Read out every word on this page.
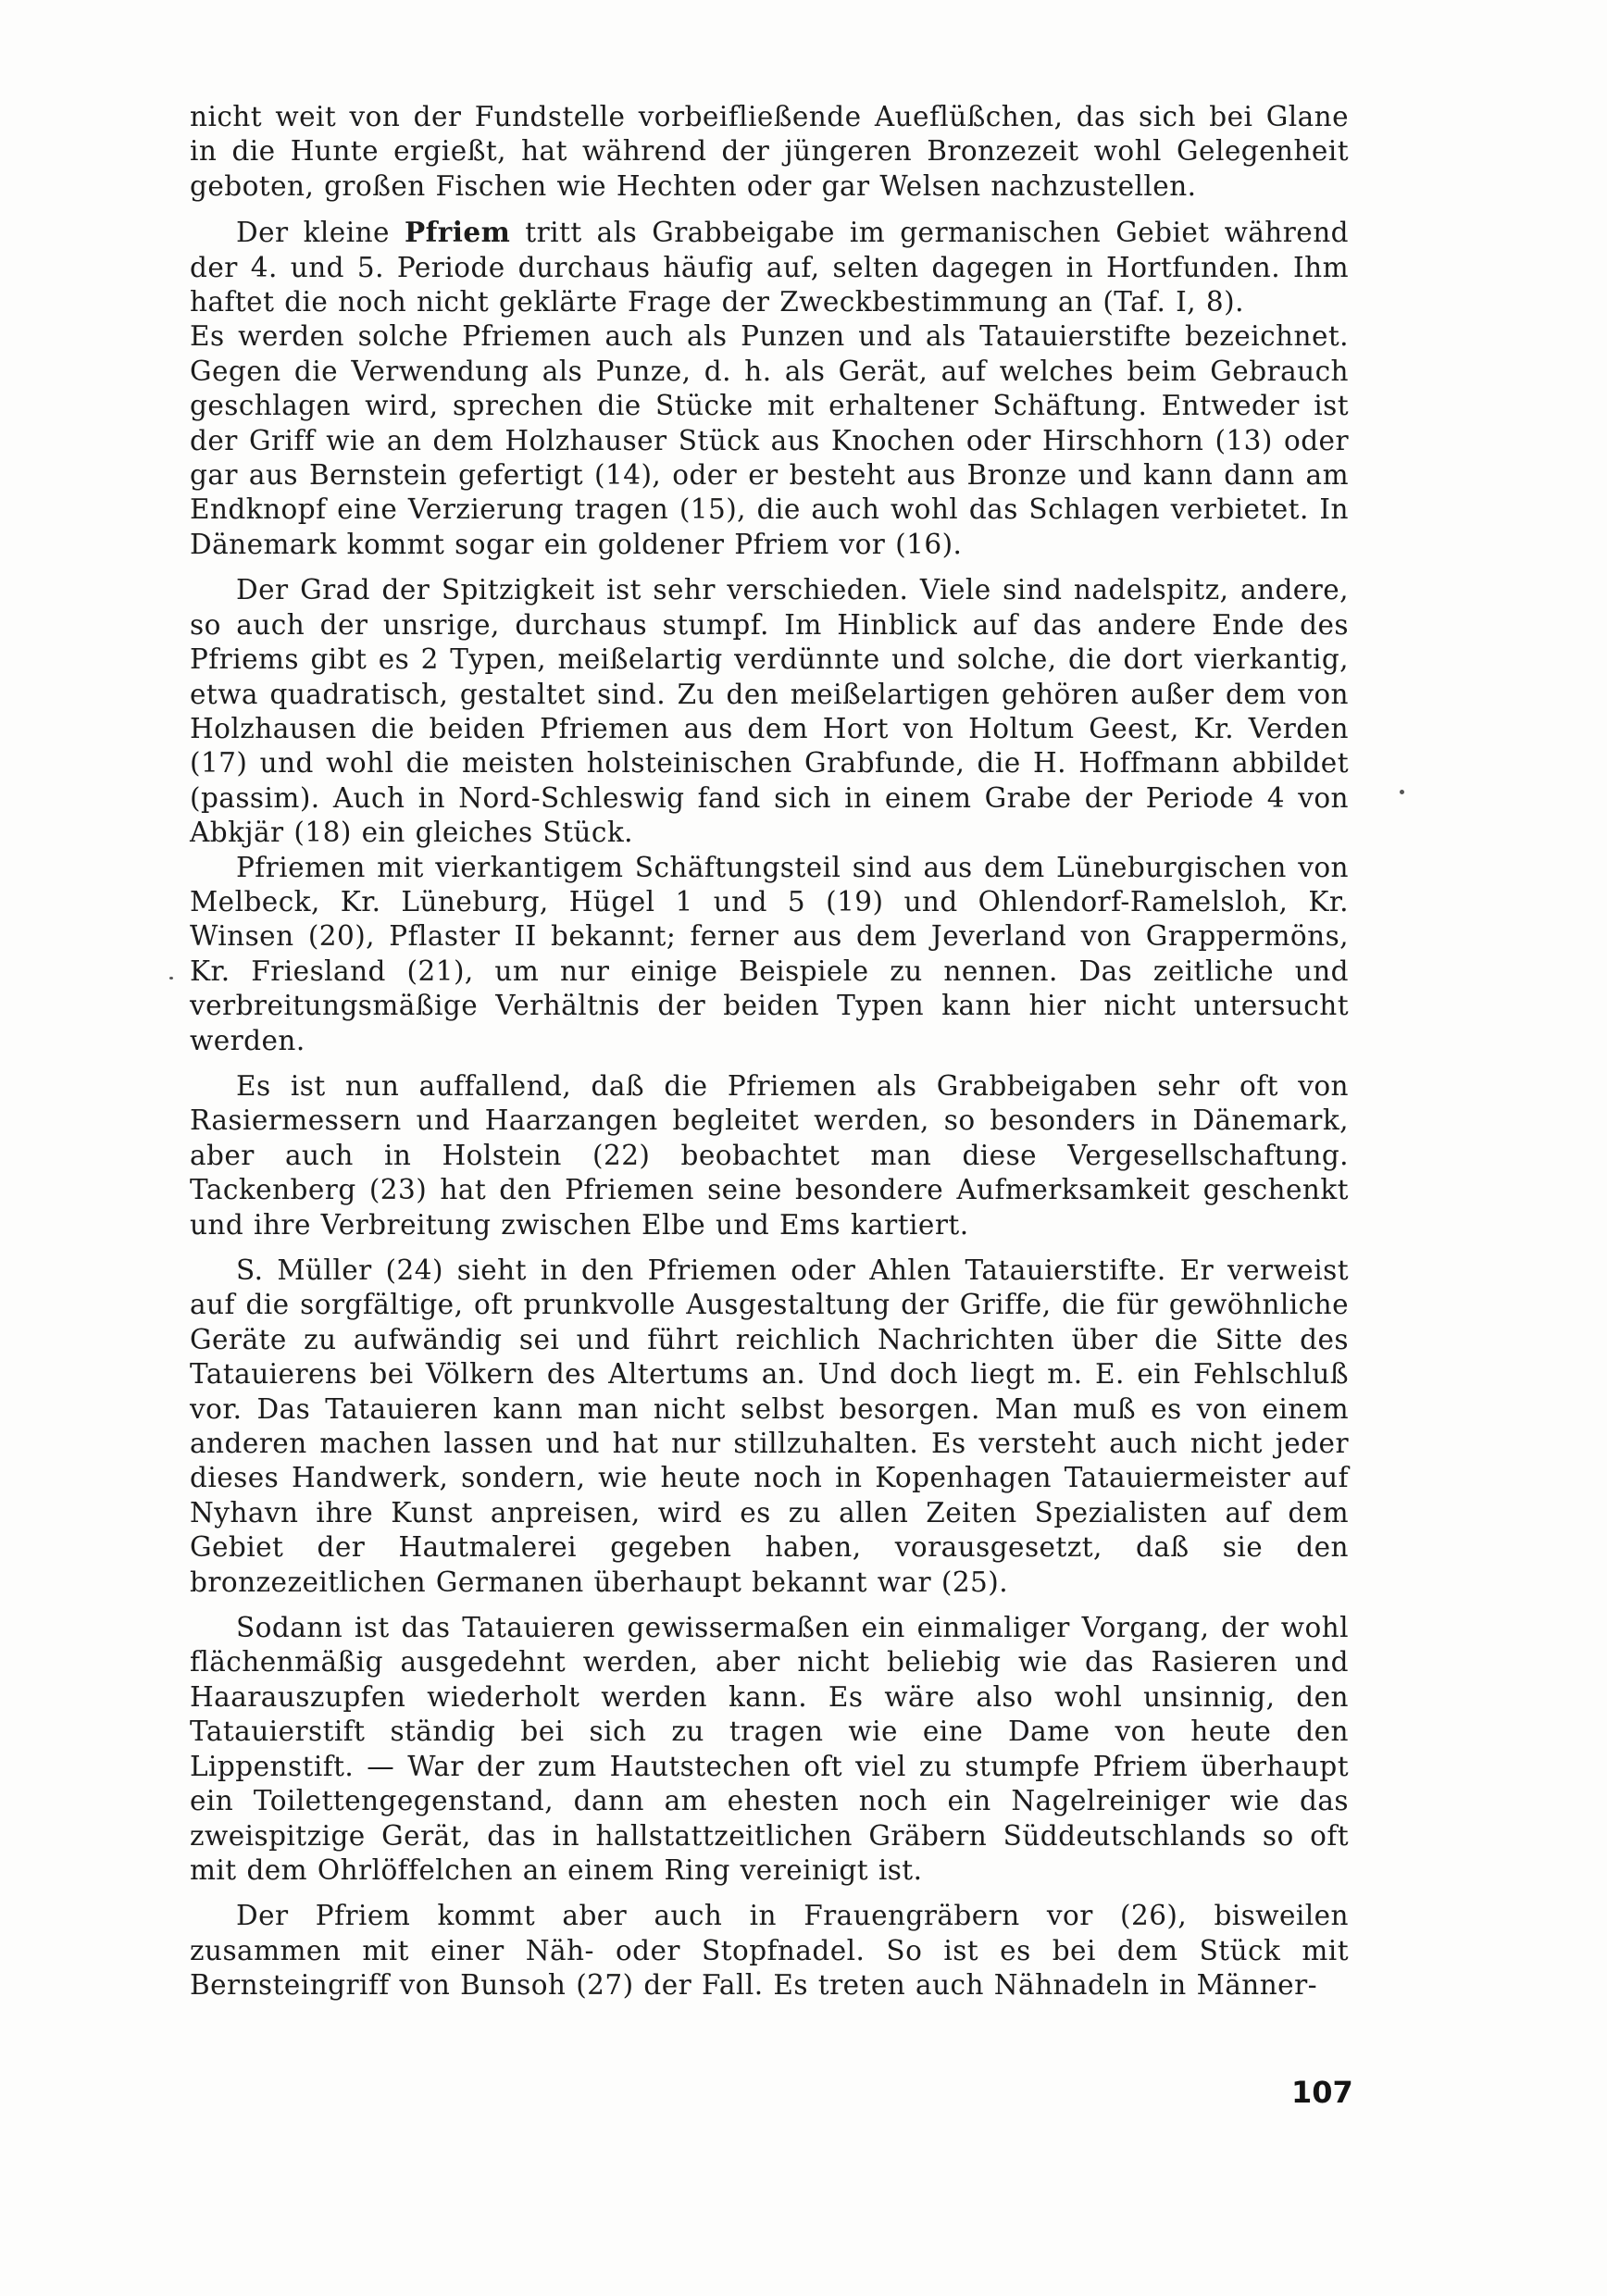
nicht weit von der Fundstelle vorbeifließende Aueflüßchen, das sich bei Glane in die Hunte ergießt, hat während der jüngeren Bronzezeit wohl Gelegenheit geboten, großen Fischen wie Hechten oder gar Welsen nachzustellen.

Der kleine Pfriem tritt als Grabbeigabe im germanischen Gebiet während der 4. und 5. Periode durchaus häufig auf, selten dagegen in Hortfunden. Ihm haftet die noch nicht geklärte Frage der Zweckbestimmung an (Taf. I, 8).

Es werden solche Pfriemen auch als Punzen und als Tatauierstifte bezeichnet. Gegen die Verwendung als Punze, d. h. als Gerät, auf welches beim Gebrauch geschlagen wird, sprechen die Stücke mit erhaltener Schäftung. Entweder ist der Griff wie an dem Holzhauser Stück aus Knochen oder Hirschhorn (13) oder gar aus Bernstein gefertigt (14), oder er besteht aus Bronze und kann dann am Endknopf eine Verzierung tragen (15), die auch wohl das Schlagen verbietet. In Dänemark kommt sogar ein goldener Pfriem vor (16).

Der Grad der Spitzigkeit ist sehr verschieden. Viele sind nadelspitz, andere, so auch der unsrige, durchaus stumpf. Im Hinblick auf das andere Ende des Pfriems gibt es 2 Typen, meißelartig verdünnte und solche, die dort vierkantig, etwa quadratisch, gestaltet sind. Zu den meißelartigen gehören außer dem von Holzhausen die beiden Pfriemen aus dem Hort von Holtum Geest, Kr. Verden (17) und wohl die meisten holsteinischen Grabfunde, die H. Hoffmann abbildet (passim). Auch in Nord-Schleswig fand sich in einem Grabe der Periode 4 von Abkjär (18) ein gleiches Stück.

Pfriemen mit vierkantigem Schäftungsteil sind aus dem Lüneburgischen von Melbeck, Kr. Lüneburg, Hügel 1 und 5 (19) und Ohlendorf-Ramelsloh, Kr. Winsen (20), Pflaster II bekannt; ferner aus dem Jeverland von Grappermöns, Kr. Friesland (21), um nur einige Beispiele zu nennen. Das zeitliche und verbreitungsmäßige Verhältnis der beiden Typen kann hier nicht untersucht werden.

Es ist nun auffallend, daß die Pfriemen als Grabbeigaben sehr oft von Rasiermessern und Haarzangen begleitet werden, so besonders in Dänemark, aber auch in Holstein (22) beobachtet man diese Vergesellschaftung. Tackenberg (23) hat den Pfriemen seine besondere Aufmerksamkeit geschenkt und ihre Verbreitung zwischen Elbe und Ems kartiert.

S. Müller (24) sieht in den Pfriemen oder Ahlen Tatauierstifte. Er verweist auf die sorgfältige, oft prunkvolle Ausgestaltung der Griffe, die für gewöhnliche Geräte zu aufwändig sei und führt reichlich Nachrichten über die Sitte des Tatauierens bei Völkern des Altertums an. Und doch liegt m. E. ein Fehlschluß vor. Das Tatauieren kann man nicht selbst besorgen. Man muß es von einem anderen machen lassen und hat nur stillzuhalten. Es versteht auch nicht jeder dieses Handwerk, sondern, wie heute noch in Kopenhagen Tatauiermeister auf Nyhavn ihre Kunst anpreisen, wird es zu allen Zeiten Spezialisten auf dem Gebiet der Hautmalerei gegeben haben, vorausgesetzt, daß sie den bronzezeitlichen Germanen überhaupt bekannt war (25).

Sodann ist das Tatauieren gewissermaßen ein einmaliger Vorgang, der wohl flächenmäßig ausgedehnt werden, aber nicht beliebig wie das Rasieren und Haarauszupfen wiederholt werden kann. Es wäre also wohl unsinnig, den Tatauierstift ständig bei sich zu tragen wie eine Dame von heute den Lippenstift. — War der zum Hautstechen oft viel zu stumpfe Pfriem überhaupt ein Toilettengegenstand, dann am ehesten noch ein Nagelreiniger wie das zweispitzige Gerät, das in hallstattzeitlichen Gräbern Süddeutschlands so oft mit dem Ohrlöffelchen an einem Ring vereinigt ist.

Der Pfriem kommt aber auch in Frauengräbern vor (26), bisweilen zusammen mit einer Näh- oder Stopfnadel. So ist es bei dem Stück mit Bernsteingriff von Bunsoh (27) der Fall. Es treten auch Nähnadeln in Männer-

107
